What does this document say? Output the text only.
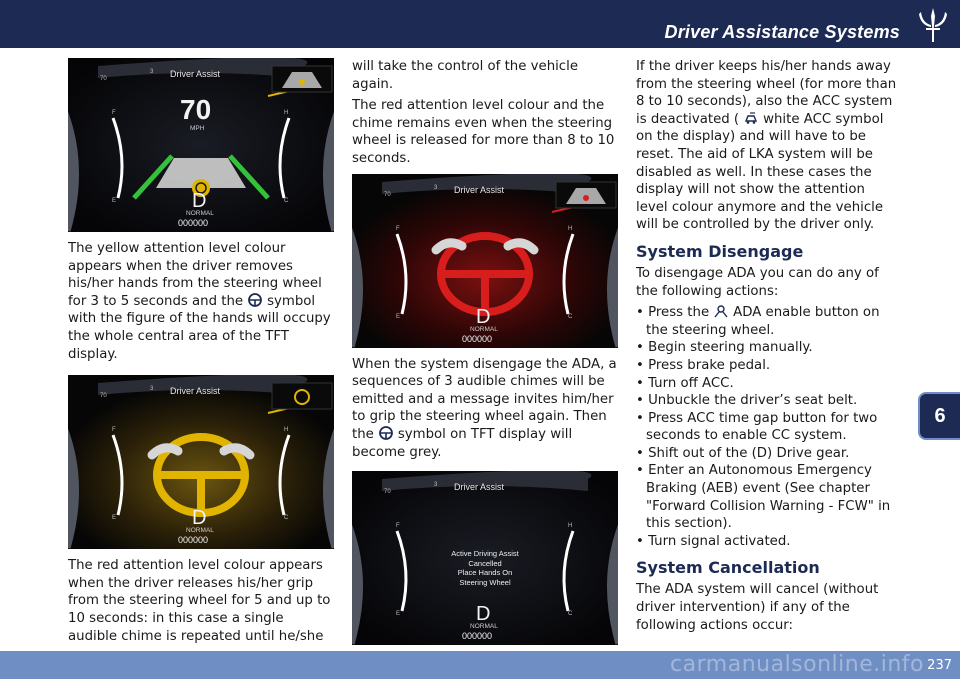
Driver Assistance Systems
6
Driver Assist
70
3
70
MPH
F
E
H
C
D
NORMAL
000000

The yellow attention level colour appears when the driver removes his/her hands from the steering wheel for 3 to 5 seconds and the symbol with the figure of the hands will occupy the whole central area of the TFT display.

Driver Assist
70
3
F
E
H
C
D
NORMAL
000000

The red attention level colour appears when the driver releases his/her grip from the steering wheel for 5 and up to 10 seconds: in this case a single audible chime is repeated until he/she

will take the control of the vehicle again.

The red attention level colour and the chime remains even when the steering wheel is released for more than 8 to 10 seconds.

Driver Assist
70
3
F
E
H
C
D
NORMAL
000000

When the system disengage the ADA, a sequences of 3 audible chimes will be emitted and a message invites him/her to grip the steering wheel again. Then the symbol on TFT display will become grey.

Driver Assist
70
3
Active Driving Assist
Cancelled
Place Hands On
Steering Wheel
F
E
H
C
D
NORMAL
000000

If the driver keeps his/her hands away from the steering wheel (for more than 8 to 10 seconds), also the ACC system is deactivated ( white ACC symbol on the display) and will have to be reset. The aid of LKA system will be disabled as well. In these cases the display will not show the attention level colour anymore and the vehicle will be controlled by the driver only.

System Disengage

To disengage ADA you can do any of the following actions:

• Press the ADA enable button on the steering wheel.
• Begin steering manually.
• Press brake pedal.
• Turn off ACC.
• Unbuckle the driver’s seat belt.
• Press ACC time gap button for two seconds to enable CC system.
• Shift out of the (D) Drive gear.
• Enter an Autonomous Emergency Braking (AEB) event (See chapter "Forward Collision Warning - FCW" in this section).
• Turn signal activated.
System Cancellation

The ADA system will cancel (without driver intervention) if any of the following actions occur:

carmanualsonline.info 237
